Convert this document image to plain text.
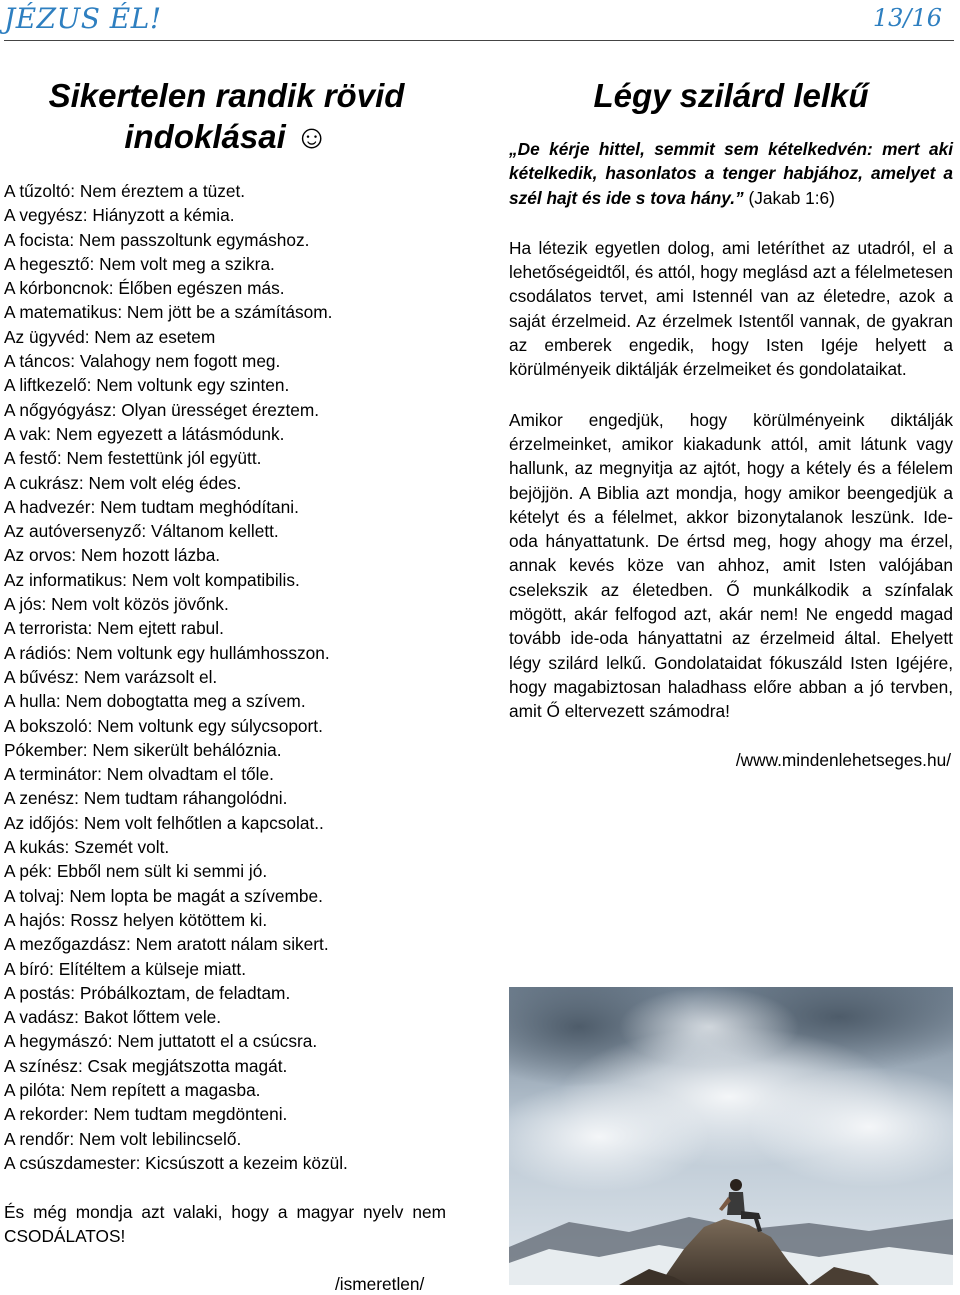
JÉZUS ÉL!	13/16
Sikertelen randik rövid
indoklásai ☺
A tűzoltó: Nem éreztem a tüzet.
A vegyész: Hiányzott a kémia.
A focista: Nem passzoltunk egymáshoz.
A hegesztő: Nem volt meg a szikra.
A kórboncnok: Élőben egészen más.
A matematikus: Nem jött be a számításom.
Az ügyvéd: Nem az esetem
A táncos: Valahogy nem fogott meg.
A liftkezelő: Nem voltunk egy szinten.
A nőgyógyász: Olyan ürességet éreztem.
A vak: Nem egyezett a látásmódunk.
A festő: Nem festettünk jól együtt.
A cukrász: Nem volt elég édes.
A hadvezér: Nem tudtam meghódítani.
Az autóversenyző: Váltanom kellett.
Az orvos: Nem hozott lázba.
Az informatikus: Nem volt kompatibilis.
A jós: Nem volt közös jövőnk.
A terrorista: Nem ejtett rabul.
A rádiós: Nem voltunk egy hullámhosszon.
A bűvész: Nem varázsolt el.
A hulla: Nem dobogtatta meg a szívem.
A bokszoló: Nem voltunk egy súlycsoport.
Pókember: Nem sikerült behálóznia.
A terminátor: Nem olvadtam el tőle.
A zenész: Nem tudtam ráhangolódni.
Az időjós: Nem volt felhőtlen a kapcsolat..
A kukás: Szemét volt.
A pék: Ebből nem sült ki semmi jó.
A tolvaj: Nem lopta be magát a szívembe.
A hajós: Rossz helyen kötöttem ki.
A mezőgazdász: Nem aratott nálam sikert.
A bíró: Elítéltem a külseje miatt.
A postás: Próbálkoztam, de feladtam.
A vadász: Bakot lőttem vele.
A hegymászó: Nem juttatott el a csúcsra.
A színész: Csak megjátszotta magát.
A pilóta: Nem repített a magasba.
A rekorder: Nem tudtam megdönteni.
A rendőr: Nem volt lebilincselő.
A csúszdamester: Kicsúszott a kezeim közül.
És még mondja azt valaki, hogy a magyar nyelv nem CSODÁLATOS!
/ismeretlen/
Légy szilárd lelkű
„De kérje hittel, semmit sem kételkedvén: mert aki kételkedik, hasonlatos a tenger habjához, amelyet a szél hajt és ide s tova hány.” (Jakab 1:6)
Ha létezik egyetlen dolog, ami letéríthet az utadról, el a lehetőségeidtől, és attól, hogy meglásd azt a félelmetesen csodálatos tervet, ami Istennél van az életedre, azok a saját érzelmeid. Az érzelmek Istentől vannak, de gyakran az emberek engedik, hogy Isten Igéje helyett a körülményeik diktálják érzelmeiket és gondolataikat.
Amikor engedjük, hogy körülményeink diktálják érzelmeinket, amikor kiakadunk attól, amit látunk vagy hallunk, az megnyitja az ajtót, hogy a kétely és a félelem bejöjjön. A Biblia azt mondja, hogy amikor beengedjük a kételyt és a félelmet, akkor bizonytalanok leszünk. Ide-oda hányattatunk. De értsd meg, hogy ahogy ma érzel, annak kevés köze van ahhoz, amit Isten valójában cselekszik az életedben. Ő munkálkodik a színfalak mögött, akár felfogod azt, akár nem! Ne engedd magad tovább ide-oda hányattatni az érzelmeid által. Ehelyett légy szilárd lelkű. Gondolataidat fókuszáld Isten Igéjére, hogy magabiztosan haladhass előre abban a jó tervben, amit Ő eltervezett számodra!
/www.mindenlehetseges.hu/
